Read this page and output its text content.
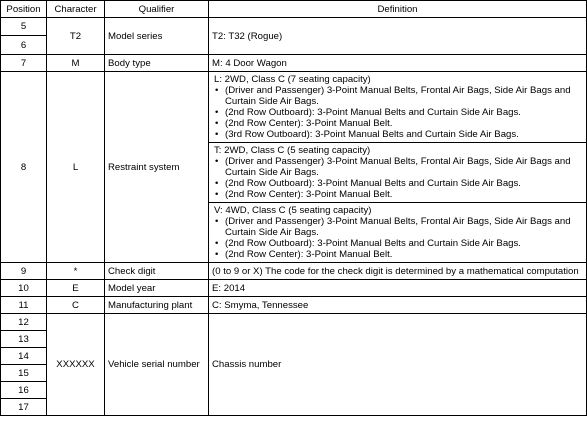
Position	Character	Qualifier	Definition
5	T2	Model series	T2: T32 (Rogue)
6			
7	M	Body type	M: 4 Door Wagon
8	L	Restraint system	L: 2WD, Class C (7 seating capacity)
• (Driver and Passenger) 3-Point Manual Belts, Frontal Air Bags, Side Air Bags and Curtain Side Air Bags.
• (2nd Row Outboard): 3-Point Manual Belts and Curtain Side Air Bags.
• (2nd Row Center): 3-Point Manual Belt.
• (3rd Row Outboard): 3-Point Manual Belts and Curtain Side Air Bags.

			T: 2WD, Class C (5 seating capacity)
• (Driver and Passenger) 3-Point Manual Belts, Frontal Air Bags, Side Air Bags and Curtain Side Air Bags.
• (2nd Row Outboard): 3-Point Manual Belts and Curtain Side Air Bags.
• (2nd Row Center): 3-Point Manual Belt.

			V: 4WD, Class C (5 seating capacity)
• (Driver and Passenger) 3-Point Manual Belts, Frontal Air Bags, Side Air Bags and Curtain Side Air Bags.
• (2nd Row Outboard): 3-Point Manual Belts and Curtain Side Air Bags.
• (2nd Row Center): 3-Point Manual Belt.

9	*	Check digit	(0 to 9 or X) The code for the check digit is determined by a mathematical computation
10	E	Model year	E: 2014
11	C	Manufacturing plant	C: Smyma, Tennessee
12	XXXXXX	Vehicle serial number	Chassis number
13			
14			
15			
16			
17			
